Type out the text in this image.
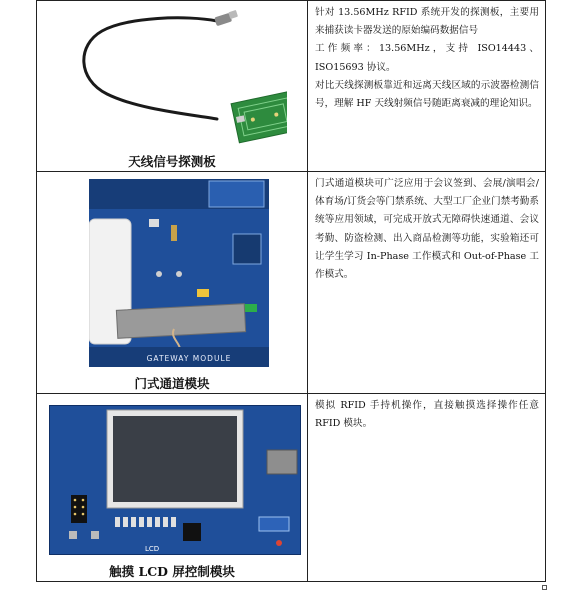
天线信号探测板

针对 13.56MHz RFID 系统开发的探测板，主要用来捕获读卡器发送的原始编码数据信号

工作频率：13.56MHz，支持 ISO14443、ISO15693 协议。

对比天线探测板靠近和远离天线区域的示波器检测信号，理解 HF 天线射频信号随距离衰减的理论知识。

GATEWAY MODULE
门式通道模块

门式通道模块可广泛应用于会议签到、会展/演唱会/体育场/订货会等门禁系统、大型工厂企业门禁考勤系统等应用领域，可完成开放式无障碍快速通道、会议考勤、防盗检测、出入商品检测等功能，实验箱还可让学生学习 In-Phase 工作模式和 Out-of-Phase 工作模式。

LCD
触摸 LCD 屏控制模块

模拟 RFID 手持机操作，直接触摸选择操作任意 RFID 模块。
